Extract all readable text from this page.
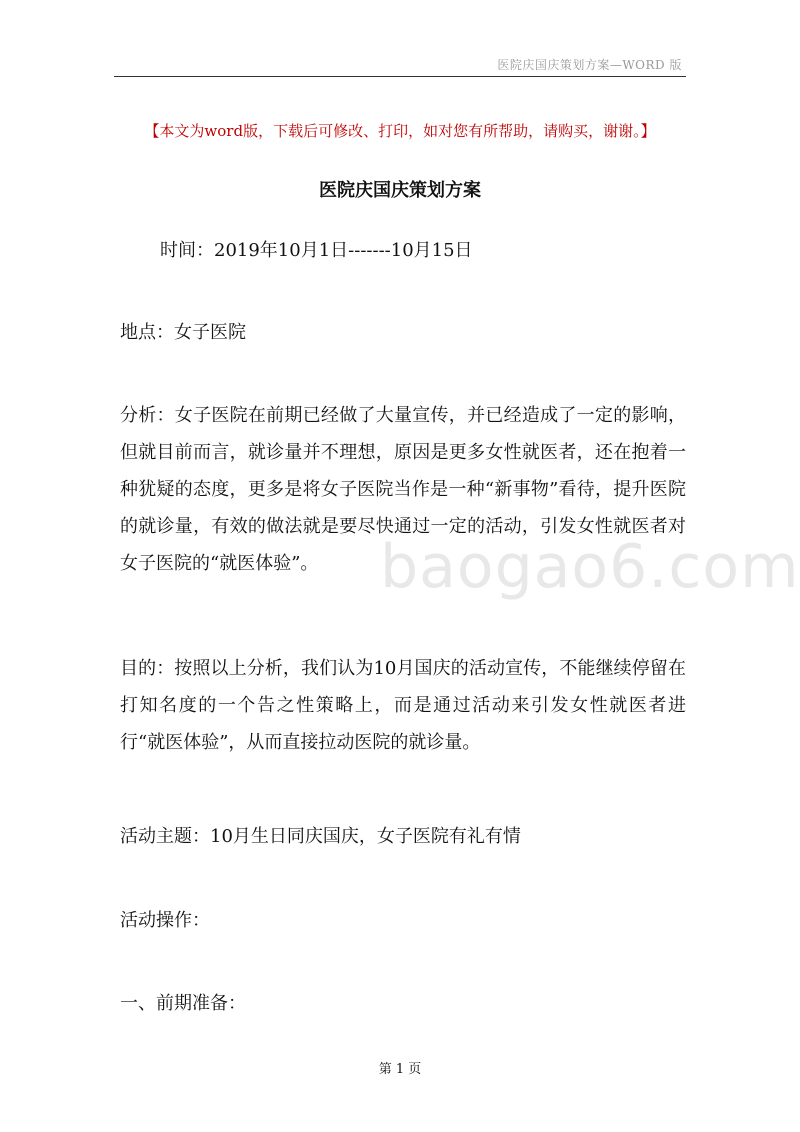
医院庆国庆策划方案—WORD 版
【本文为word版，下载后可修改、打印，如对您有所帮助，请购买，谢谢。】
医院庆国庆策划方案
时间：2019年10月1日-------10月15日
地点：女子医院
分析：女子医院在前期已经做了大量宣传，并已经造成了一定的影响，但就目前而言，就诊量并不理想，原因是更多女性就医者，还在抱着一种犹疑的态度，更多是将女子医院当作是一种“新事物”看待，提升医院的就诊量，有效的做法就是要尽快通过一定的活动，引发女性就医者对女子医院的“就医体验”。
目的：按照以上分析，我们认为10月国庆的活动宣传，不能继续停留在打知名度的一个告之性策略上，而是通过活动来引发女性就医者进行“就医体验”，从而直接拉动医院的就诊量。
活动主题：10月生日同庆国庆，女子医院有礼有情
活动操作：
一、前期准备：
baogao6.com
第 1 页
